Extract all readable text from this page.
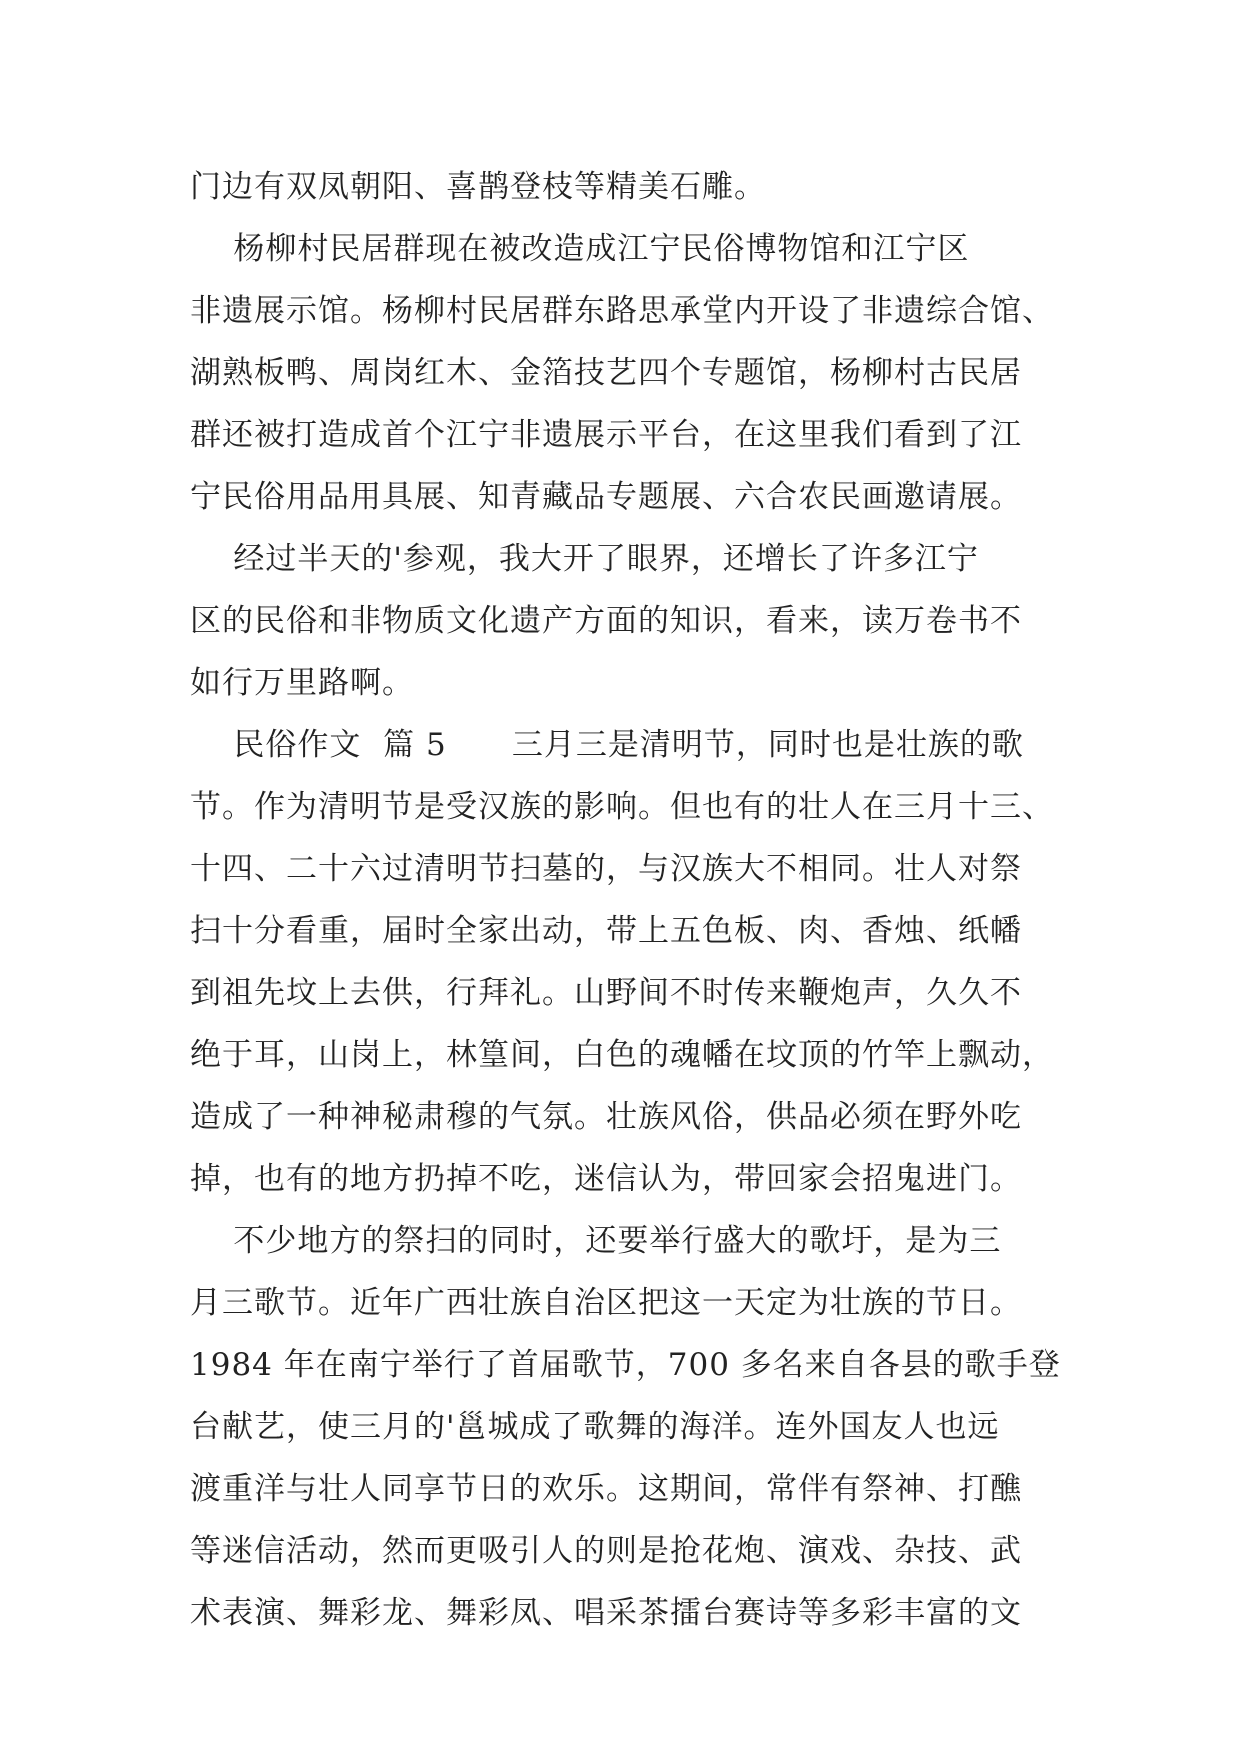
门边有双凤朝阳、喜鹊登枝等精美石雕。
杨柳村民居群现在被改造成江宁民俗博物馆和江宁区
非遗展示馆。杨柳村民居群东路思承堂内开设了非遗综合馆、
湖熟板鸭、周岗红木、金箔技艺四个专题馆，杨柳村古民居
群还被打造成首个江宁非遗展示平台，在这里我们看到了江
宁民俗用品用具展、知青藏品专题展、六合农民画邀请展。
经过半天的'参观，我大开了眼界，还增长了许多江宁
区的民俗和非物质文化遗产方面的知识，看来，读万卷书不
如行万里路啊。
民俗作文  篇 5      三月三是清明节，同时也是壮族的歌
节。作为清明节是受汉族的影响。但也有的壮人在三月十三、
十四、二十六过清明节扫墓的，与汉族大不相同。壮人对祭
扫十分看重，届时全家出动，带上五色板、肉、香烛、纸幡
到祖先坟上去供，行拜礼。山野间不时传来鞭炮声，久久不
绝于耳，山岗上，林篁间，白色的魂幡在坟顶的竹竿上飘动，
造成了一种神秘肃穆的气氛。壮族风俗，供品必须在野外吃
掉，也有的地方扔掉不吃，迷信认为，带回家会招鬼进门。
不少地方的祭扫的同时，还要举行盛大的歌圩，是为三
月三歌节。近年广西壮族自治区把这一天定为壮族的节日。
1984 年在南宁举行了首届歌节，700 多名来自各县的歌手登
台献艺，使三月的'邕城成了歌舞的海洋。连外国友人也远
渡重洋与壮人同享节日的欢乐。这期间，常伴有祭神、打醮
等迷信活动，然而更吸引人的则是抢花炮、演戏、杂技、武
术表演、舞彩龙、舞彩凤、唱采茶擂台赛诗等多彩丰富的文
